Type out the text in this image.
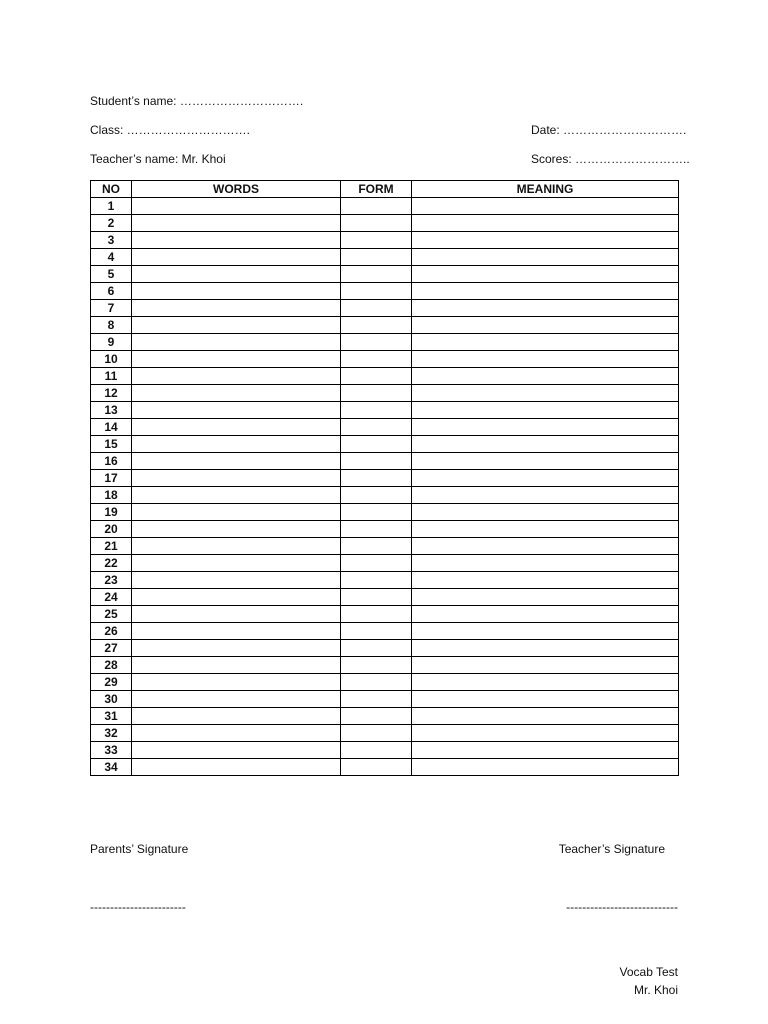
Student’s name: ………………………….
Class: ………………………….	Date: ………………………….
Teacher’s name: Mr. Khoi	Scores: ………………………..
NO	WORDS	FORM	MEANING
1			
2			
3			
4			
5			
6			
7			
8			
9			
10			
11			
12			
13			
14			
15			
16			
17			
18			
19			
20			
21			
22			
23			
24			
25			
26			
27			
28			
29			
30			
31			
32			
33			
34			
Parents’ Signature	Teacher’s Signature
------------------------	----------------------------
Vocab Test
Mr. Khoi
